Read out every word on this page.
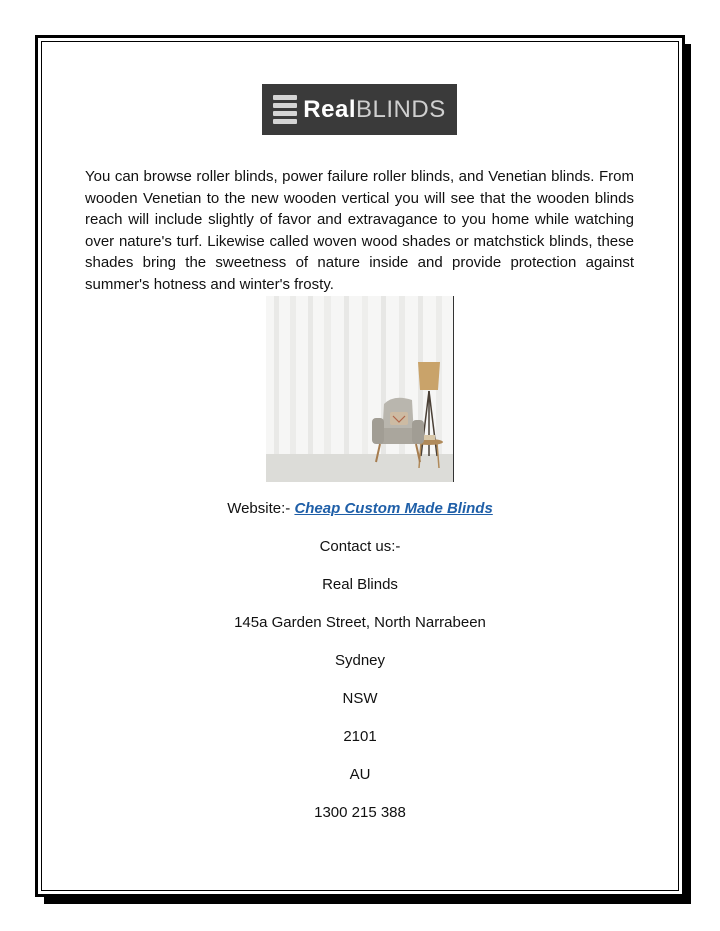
RealBLINDS

You can browse roller blinds, power failure roller blinds, and Venetian blinds. From wooden Venetian to the new wooden vertical you will see that the wooden blinds reach will include slightly of favor and extravagance to you home while watching over nature's turf. Likewise called woven wood shades or matchstick blinds, these shades bring the sweetness of nature inside and provide protection against summer's hotness and winter's frosty.

Website:- Cheap Custom Made Blinds
Contact us:-
Real Blinds
145a Garden Street, North Narrabeen
Sydney
NSW
2101
AU
1300 215 388
